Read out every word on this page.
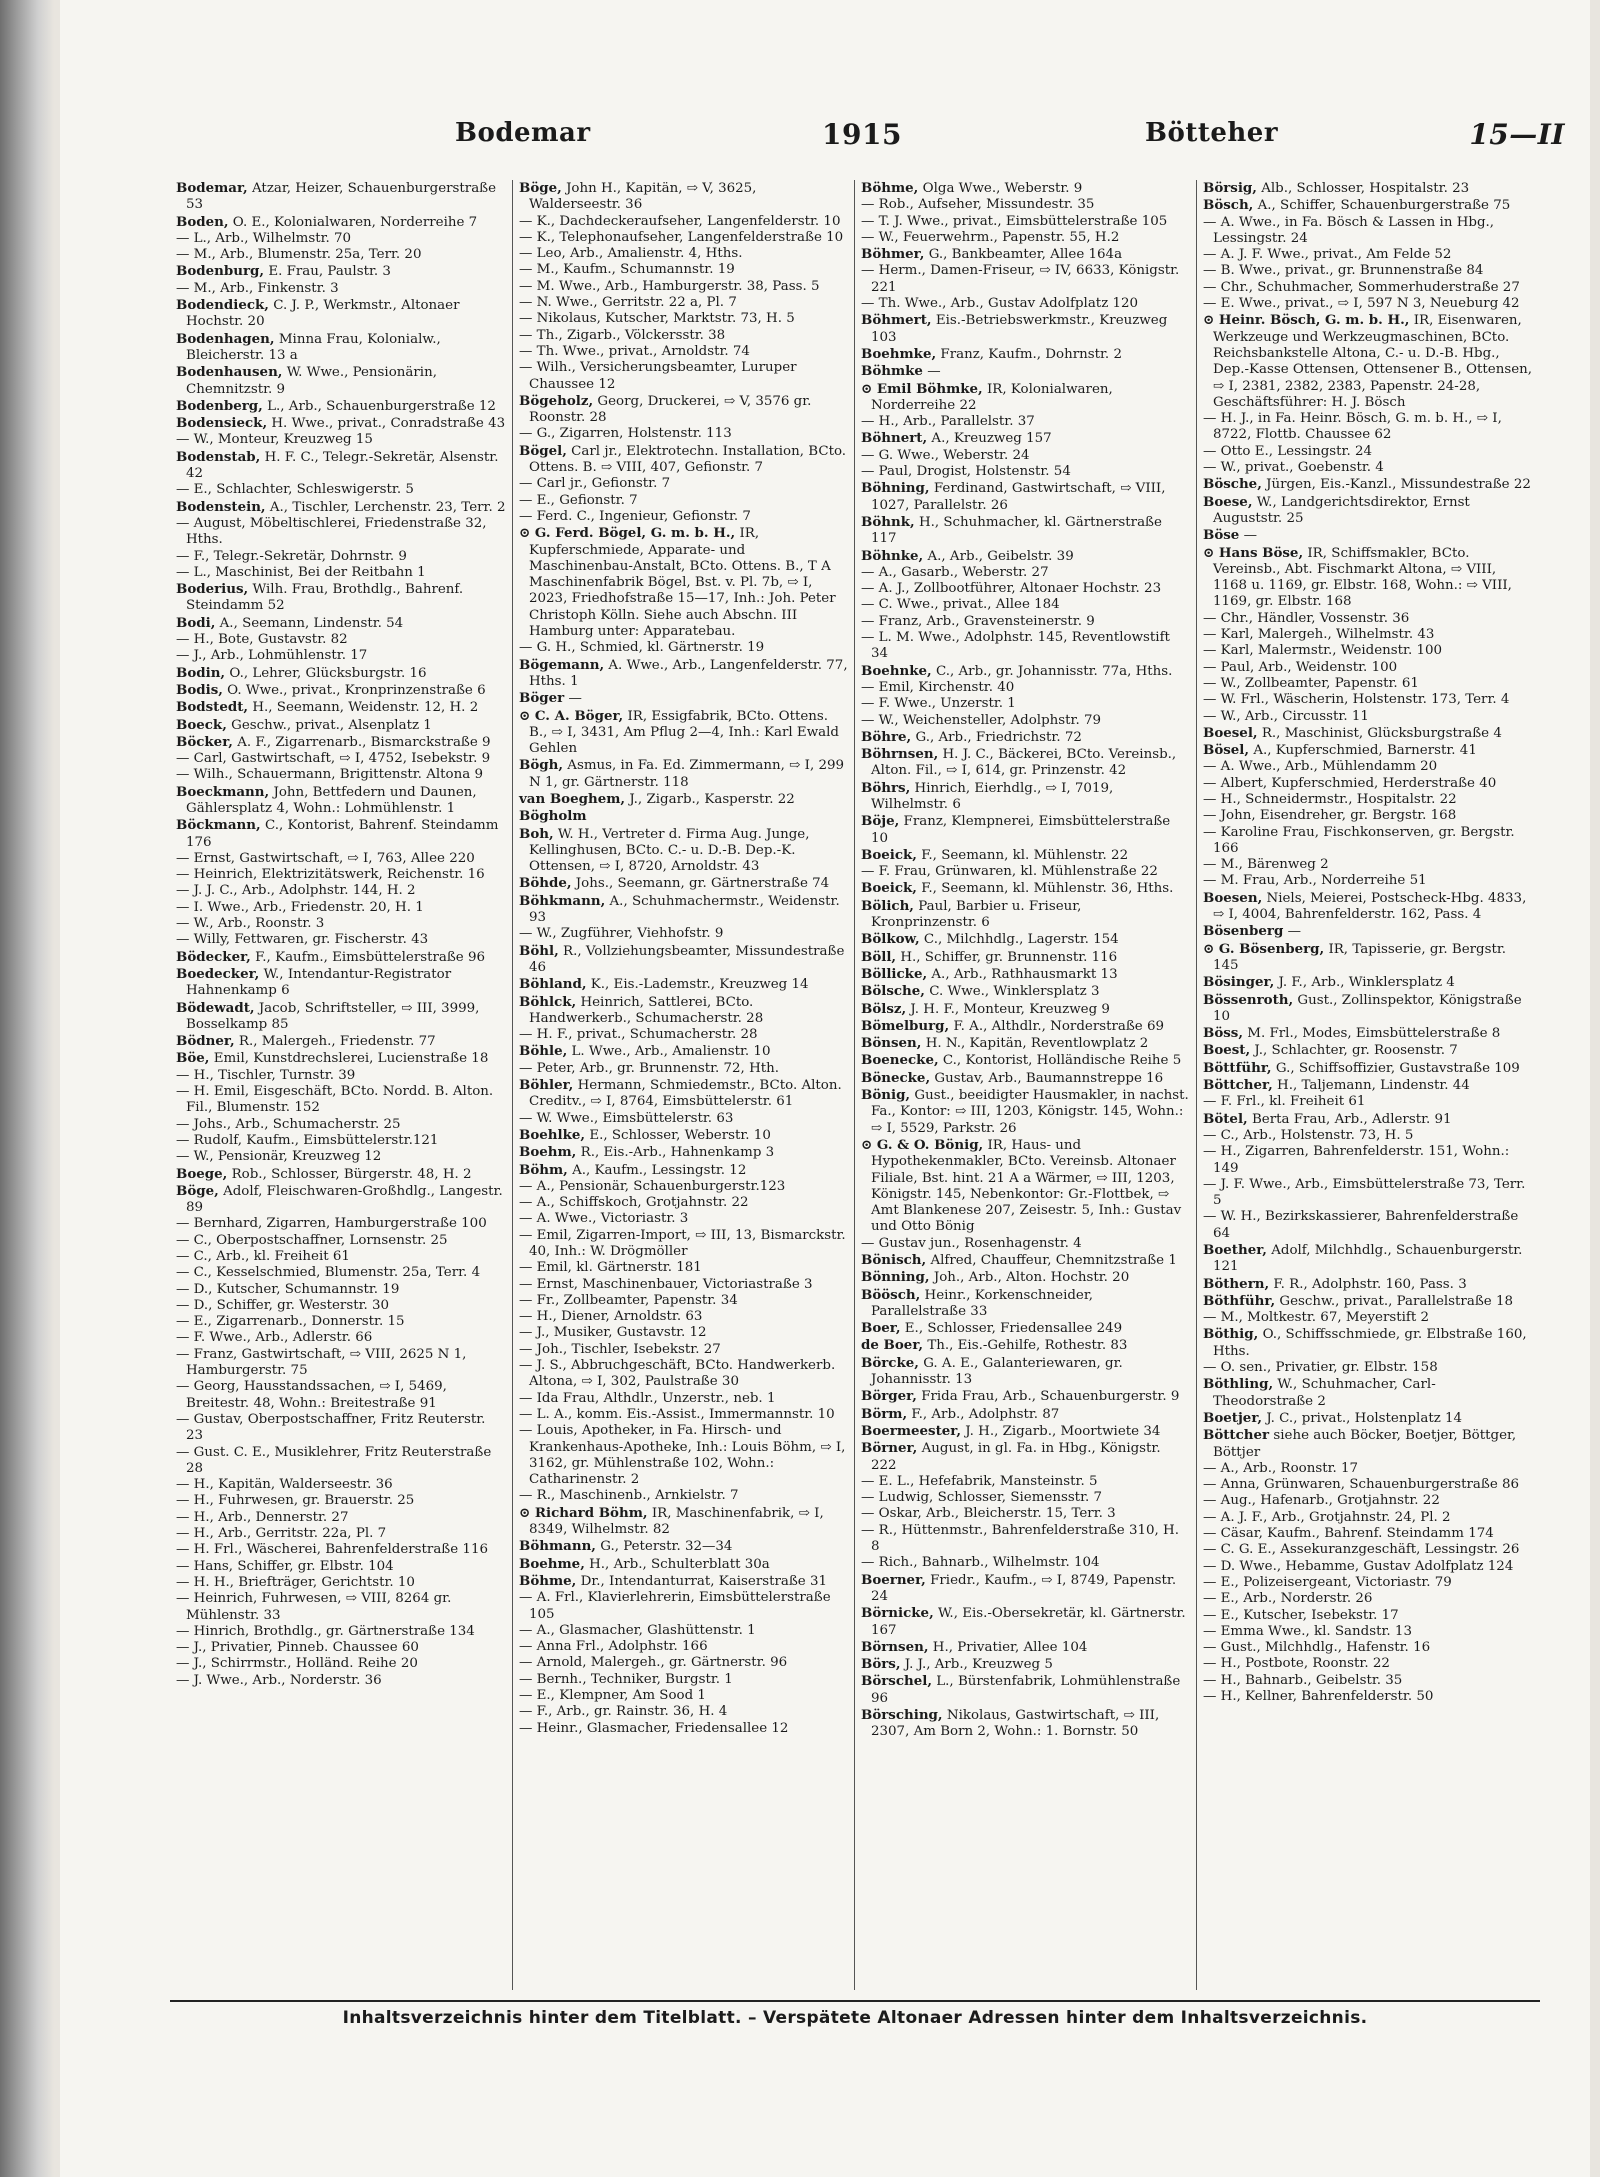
Bodemar	1915	Bötteher	15—II
Bodemar, Atzar, Heizer, Schauenburgerstraße 53
Boden, O. E., Kolonialwaren, Norderreihe 7
— L., Arb., Wilhelmstr. 70
— M., Arb., Blumenstr. 25a, Terr. 20
Bodenburg, E. Frau, Paulstr. 3
— M., Arb., Finkenstr. 3
Bodendieck, C. J. P., Werkmstr., Altonaer Hochstr. 20
Bodenhagen, Minna Frau, Kolonialw., Bleicherstr. 13 a
Bodenhausen, W. Wwe., Pensionärin, Chemnitzstr. 9
Bodenberg, L., Arb., Schauenburgerstraße 12
Bodensieck, H. Wwe., privat., Conradstraße 43
— W., Monteur, Kreuzweg 15
Bodenstab, H. F. C., Telegr.-Sekretär, Alsenstr. 42
— E., Schlachter, Schleswigerstr. 5
Bodenstein, A., Tischler, Lerchenstr. 23, Terr. 2
— August, Möbeltischlerei, Friedenstraße 32, Hths.
— F., Telegr.-Sekretär, Dohrnstr. 9
— L., Maschinist, Bei der Reitbahn 1
Boderius, Wilh. Frau, Brothdlg., Bahrenf. Steindamm 52
Bodi, A., Seemann, Lindenstr. 54
— H., Bote, Gustavstr. 82
— J., Arb., Lohmühlenstr. 17
Bodin, O., Lehrer, Glücksburgstr. 16
Bodis, O. Wwe., privat., Kronprinzenstraße 6
Bodstedt, H., Seemann, Weidenstr. 12, H. 2
Boeck, Geschw., privat., Alsenplatz 1
Böcker, A. F., Zigarrenarb., Bismarckstraße 9
— Carl, Gastwirtschaft, ⇨ I, 4752, Isebekstr. 9
— Wilh., Schauermann, Brigittenstr. Altona 9
Boeckmann, John, Bettfedern und Daunen, Gählersplatz 4, Wohn.: Lohmühlenstr. 1
Böckmann, C., Kontorist, Bahrenf. Steindamm 176
— Ernst, Gastwirtschaft, ⇨ I, 763, Allee 220
— Heinrich, Elektrizitätswerk, Reichenstr. 16
— J. J. C., Arb., Adolphstr. 144, H. 2
— I. Wwe., Arb., Friedenstr. 20, H. 1
— W., Arb., Roonstr. 3
— Willy, Fettwaren, gr. Fischerstr. 43
Bödecker, F., Kaufm., Eimsbüttelerstraße 96
Boedecker, W., Intendantur-Registrator Hahnenkamp 6
Bödewadt, Jacob, Schriftsteller, ⇨ III, 3999, Bosselkamp 85
Bödner, R., Malergeh., Friedenstr. 77
Böe, Emil, Kunstdrechslerei, Lucienstraße 18
— H., Tischler, Turnstr. 39
— H. Emil, Eisgeschäft, BCto. Nordd. B. Alton. Fil., Blumenstr. 152
— Johs., Arb., Schumacherstr. 25
— Rudolf, Kaufm., Eimsbüttelerstr.121
— W., Pensionär, Kreuzweg 12
Boege, Rob., Schlosser, Bürgerstr. 48, H. 2
Böge, Adolf, Fleischwaren-Großhdlg., Langestr. 89
— Bernhard, Zigarren, Hamburgerstraße 100
— C., Oberpostschaffner, Lornsenstr. 25
— C., Arb., kl. Freiheit 61
— C., Kesselschmied, Blumenstr. 25a, Terr. 4
— D., Kutscher, Schumannstr. 19
— D., Schiffer, gr. Westerstr. 30
— E., Zigarrenarb., Donnerstr. 15
— F. Wwe., Arb., Adlerstr. 66
— Franz, Gastwirtschaft, ⇨ VIII, 2625 N 1, Hamburgerstr. 75
— Georg, Hausstandssachen, ⇨ I, 5469, Breitestr. 48, Wohn.: Breitestraße 91
— Gustav, Oberpostschaffner, Fritz Reuterstr. 23
— Gust. C. E., Musiklehrer, Fritz Reuterstraße 28
— H., Kapitän, Walderseestr. 36
— H., Fuhrwesen, gr. Brauerstr. 25
— H., Arb., Dennerstr. 27
— H., Arb., Gerritstr. 22a, Pl. 7
— H. Frl., Wäscherei, Bahrenfelderstraße 116
— Hans, Schiffer, gr. Elbstr. 104
— H. H., Briefträger, Gerichtstr. 10
— Heinrich, Fuhrwesen, ⇨ VIII, 8264 gr. Mühlenstr. 33
— Hinrich, Brothdlg., gr. Gärtnerstraße 134
— J., Privatier, Pinneb. Chaussee 60
— J., Schirrmstr., Holländ. Reihe 20
— J. Wwe., Arb., Norderstr. 36
Böge, John H., Kapitän, ⇨ V, 3625, Walderseestr. 36
— K., Dachdeckeraufseher, Langenfelderstr. 10
— K., Telephonaufseher, Langenfelderstraße 10
— Leo, Arb., Amalienstr. 4, Hths.
— M., Kaufm., Schumannstr. 19
— M. Wwe., Arb., Hamburgerstr. 38, Pass. 5
— N. Wwe., Gerritstr. 22 a, Pl. 7
— Nikolaus, Kutscher, Marktstr. 73, H. 5
— Th., Zigarb., Völckersstr. 38
— Th. Wwe., privat., Arnoldstr. 74
— Wilh., Versicherungsbeamter, Luruper Chaussee 12
Bögeholz, Georg, Druckerei, ⇨ V, 3576 gr. Roonstr. 28
— G., Zigarren, Holstenstr. 113
Bögel, Carl jr., Elektrotechn. Installation, BCto. Ottens. B. ⇨ VIII, 407, Gefionstr. 7
— Carl jr., Gefionstr. 7
— E., Gefionstr. 7
— Ferd. C., Ingenieur, Gefionstr. 7
⊙ G. Ferd. Bögel, G. m. b. H., IR, Kupferschmiede, Apparate- und Maschinenbau-Anstalt, BCto. Ottens. B., T A Maschinenfabrik Bögel, Bst. v. Pl. 7b, ⇨ I, 2023, Friedhofstraße 15—17, Inh.: Joh. Peter Christoph Kölln. Siehe auch Abschn. III Hamburg unter: Apparatebau.
— G. H., Schmied, kl. Gärtnerstr. 19
Bögemann, A. Wwe., Arb., Langenfelderstr. 77, Hths. 1
Böger —
⊙ C. A. Böger, IR, Essigfabrik, BCto. Ottens. B., ⇨ I, 3431, Am Pflug 2—4, Inh.: Karl Ewald Gehlen
Bögh, Asmus, in Fa. Ed. Zimmermann, ⇨ I, 299 N 1, gr. Gärtnerstr. 118
van Boeghem, J., Zigarb., Kasperstr. 22
Bögholm
Boh, W. H., Vertreter d. Firma Aug. Junge, Kellinghusen, BCto. C.- u. D.-B. Dep.-K. Ottensen, ⇨ I, 8720, Arnoldstr. 43
Böhde, Johs., Seemann, gr. Gärtnerstraße 74
Böhkmann, A., Schuhmachermstr., Weidenstr. 93
— W., Zugführer, Viehhofstr. 9
Böhl, R., Vollziehungsbeamter, Missundestraße 46
Böhland, K., Eis.-Lademstr., Kreuzweg 14
Böhlck, Heinrich, Sattlerei, BCto. Handwerkerb., Schumacherstr. 28
— H. F., privat., Schumacherstr. 28
Böhle, L. Wwe., Arb., Amalienstr. 10
— Peter, Arb., gr. Brunnenstr. 72, Hth.
Böhler, Hermann, Schmiedemstr., BCto. Alton. Creditv., ⇨ I, 8764, Eimsbüttelerstr. 61
— W. Wwe., Eimsbüttelerstr. 63
Boehlke, E., Schlosser, Weberstr. 10
Boehm, R., Eis.-Arb., Hahnenkamp 3
Böhm, A., Kaufm., Lessingstr. 12
— A., Pensionär, Schauenburgerstr.123
— A., Schiffskoch, Grotjahnstr. 22
— A. Wwe., Victoriastr. 3
— Emil, Zigarren-Import, ⇨ III, 13, Bismarckstr. 40, Inh.: W. Drögmöller
— Emil, kl. Gärtnerstr. 181
— Ernst, Maschinenbauer, Victoriastraße 3
— Fr., Zollbeamter, Papenstr. 34
— H., Diener, Arnoldstr. 63
— J., Musiker, Gustavstr. 12
— Joh., Tischler, Isebekstr. 27
— J. S., Abbruchgeschäft, BCto. Handwerkerb. Altona, ⇨ I, 302, Paulstraße 30
— Ida Frau, Althdlr., Unzerstr., neb. 1
— L. A., komm. Eis.-Assist., Immermannstr. 10
— Louis, Apotheker, in Fa. Hirsch- und Krankenhaus-Apotheke, Inh.: Louis Böhm, ⇨ I, 3162, gr. Mühlenstraße 102, Wohn.: Catharinenstr. 2
— R., Maschinenb., Arnkielstr. 7
⊙ Richard Böhm, IR, Maschinenfabrik, ⇨ I, 8349, Wilhelmstr. 82
Böhmann, G., Peterstr. 32—34
Boehme, H., Arb., Schulterblatt 30a
Böhme, Dr., Intendanturrat, Kaiserstraße 31
— A. Frl., Klavierlehrerin, Eimsbüttelerstraße 105
— A., Glasmacher, Glashüttenstr. 1
— Anna Frl., Adolphstr. 166
— Arnold, Malergeh., gr. Gärtnerstr. 96
— Bernh., Techniker, Burgstr. 1
— E., Klempner, Am Sood 1
— F., Arb., gr. Rainstr. 36, H. 4
— Heinr., Glasmacher, Friedensallee 12
Böhme, Olga Wwe., Weberstr. 9
— Rob., Aufseher, Missundestr. 35
— T. J. Wwe., privat., Eimsbüttelerstraße 105
— W., Feuerwehrm., Papenstr. 55, H.2
Böhmer, G., Bankbeamter, Allee 164a
— Herm., Damen-Friseur, ⇨ IV, 6633, Königstr. 221
— Th. Wwe., Arb., Gustav Adolfplatz 120
Böhmert, Eis.-Betriebswerkmstr., Kreuzweg 103
Boehmke, Franz, Kaufm., Dohrnstr. 2
Böhmke —
⊙ Emil Böhmke, IR, Kolonialwaren, Norderreihe 22
— H., Arb., Parallelstr. 37
Böhnert, A., Kreuzweg 157
— G. Wwe., Weberstr. 24
— Paul, Drogist, Holstenstr. 54
Böhning, Ferdinand, Gastwirtschaft, ⇨ VIII, 1027, Parallelstr. 26
Böhnk, H., Schuhmacher, kl. Gärtnerstraße 117
Böhnke, A., Arb., Geibelstr. 39
— A., Gasarb., Weberstr. 27
— A. J., Zollbootführer, Altonaer Hochstr. 23
— C. Wwe., privat., Allee 184
— Franz, Arb., Gravensteinerstr. 9
— L. M. Wwe., Adolphstr. 145, Reventlowstift 34
Boehnke, C., Arb., gr. Johannisstr. 77a, Hths.
— Emil, Kirchenstr. 40
— F. Wwe., Unzerstr. 1
— W., Weichensteller, Adolphstr. 79
Böhre, G., Arb., Friedrichstr. 72
Böhrnsen, H. J. C., Bäckerei, BCto. Vereinsb., Alton. Fil., ⇨ I, 614, gr. Prinzenstr. 42
Böhrs, Hinrich, Eierhdlg., ⇨ I, 7019, Wilhelmstr. 6
Böje, Franz, Klempnerei, Eimsbüttelerstraße 10
Boeick, F., Seemann, kl. Mühlenstr. 22
— F. Frau, Grünwaren, kl. Mühlenstraße 22
Boeick, F., Seemann, kl. Mühlenstr. 36, Hths.
Bölich, Paul, Barbier u. Friseur, Kronprinzenstr. 6
Bölkow, C., Milchhdlg., Lagerstr. 154
Böll, H., Schiffer, gr. Brunnenstr. 116
Böllicke, A., Arb., Rathhausmarkt 13
Bölsche, C. Wwe., Winklersplatz 3
Bölsz, J. H. F., Monteur, Kreuzweg 9
Bömelburg, F. A., Althdlr., Norderstraße 69
Bönsen, H. N., Kapitän, Reventlowplatz 2
Boenecke, C., Kontorist, Holländische Reihe 5
Bönecke, Gustav, Arb., Baumannstreppe 16
Bönig, Gust., beeidigter Hausmakler, in nachst. Fa., Kontor: ⇨ III, 1203, Königstr. 145, Wohn.: ⇨ I, 5529, Parkstr. 26
⊙ G. & O. Bönig, IR, Haus- und Hypothekenmakler, BCto. Vereinsb. Altonaer Filiale, Bst. hint. 21 A a Wärmer, ⇨ III, 1203, Königstr. 145, Nebenkontor: Gr.-Flottbek, ⇨ Amt Blankenese 207, Zeisestr. 5, Inh.: Gustav und Otto Bönig
— Gustav jun., Rosenhagenstr. 4
Bönisch, Alfred, Chauffeur, Chemnitzstraße 1
Bönning, Joh., Arb., Alton. Hochstr. 20
Böösch, Heinr., Korkenschneider, Parallelstraße 33
Boer, E., Schlosser, Friedensallee 249
de Boer, Th., Eis.-Gehilfe, Rothestr. 83
Börcke, G. A. E., Galanteriewaren, gr. Johannisstr. 13
Börger, Frida Frau, Arb., Schauenburgerstr. 9
Börm, F., Arb., Adolphstr. 87
Boermeester, J. H., Zigarb., Moortwiete 34
Börner, August, in gl. Fa. in Hbg., Königstr. 222
— E. L., Hefefabrik, Mansteinstr. 5
— Ludwig, Schlosser, Siemensstr. 7
— Oskar, Arb., Bleicherstr. 15, Terr. 3
— R., Hüttenmstr., Bahrenfelderstraße 310, H. 8
— Rich., Bahnarb., Wilhelmstr. 104
Boerner, Friedr., Kaufm., ⇨ I, 8749, Papenstr. 24
Börnicke, W., Eis.-Obersekretär, kl. Gärtnerstr. 167
Börnsen, H., Privatier, Allee 104
Börs, J. J., Arb., Kreuzweg 5
Börschel, L., Bürstenfabrik, Lohmühlenstraße 96
Börsching, Nikolaus, Gastwirtschaft, ⇨ III, 2307, Am Born 2, Wohn.: 1. Bornstr. 50
Börsig, Alb., Schlosser, Hospitalstr. 23
Bösch, A., Schiffer, Schauenburgerstraße 75
— A. Wwe., in Fa. Bösch & Lassen in Hbg., Lessingstr. 24
— A. J. F. Wwe., privat., Am Felde 52
— B. Wwe., privat., gr. Brunnenstraße 84
— Chr., Schuhmacher, Sommerhuderstraße 27
— E. Wwe., privat., ⇨ I, 597 N 3, Neueburg 42
⊙ Heinr. Bösch, G. m. b. H., IR, Eisenwaren, Werkzeuge und Werkzeugmaschinen, BCto. Reichsbankstelle Altona, C.- u. D.-B. Hbg., Dep.-Kasse Ottensen, Ottensener B., Ottensen, ⇨ I, 2381, 2382, 2383, Papenstr. 24-28, Geschäftsführer: H. J. Bösch
— H. J., in Fa. Heinr. Bösch, G. m. b. H., ⇨ I, 8722, Flottb. Chaussee 62
— Otto E., Lessingstr. 24
— W., privat., Goebenstr. 4
Bösche, Jürgen, Eis.-Kanzl., Missundestraße 22
Boese, W., Landgerichtsdirektor, Ernst Auguststr. 25
Böse —
⊙ Hans Böse, IR, Schiffsmakler, BCto. Vereinsb., Abt. Fischmarkt Altona, ⇨ VIII, 1168 u. 1169, gr. Elbstr. 168, Wohn.: ⇨ VIII, 1169, gr. Elbstr. 168
— Chr., Händler, Vossenstr. 36
— Karl, Malergeh., Wilhelmstr. 43
— Karl, Malermstr., Weidenstr. 100
— Paul, Arb., Weidenstr. 100
— W., Zollbeamter, Papenstr. 61
— W. Frl., Wäscherin, Holstenstr. 173, Terr. 4
— W., Arb., Circusstr. 11
Boesel, R., Maschinist, Glücksburgstraße 4
Bösel, A., Kupferschmied, Barnerstr. 41
— A. Wwe., Arb., Mühlendamm 20
— Albert, Kupferschmied, Herderstraße 40
— H., Schneidermstr., Hospitalstr. 22
— John, Eisendreher, gr. Bergstr. 168
— Karoline Frau, Fischkonserven, gr. Bergstr. 166
— M., Bärenweg 2
— M. Frau, Arb., Norderreihe 51
Boesen, Niels, Meierei, Postscheck-Hbg. 4833, ⇨ I, 4004, Bahrenfelderstr. 162, Pass. 4
Bösenberg —
⊙ G. Bösenberg, IR, Tapisserie, gr. Bergstr. 145
Bösinger, J. F., Arb., Winklersplatz 4
Bössenroth, Gust., Zollinspektor, Königstraße 10
Böss, M. Frl., Modes, Eimsbüttelerstraße 8
Boest, J., Schlachter, gr. Roosenstr. 7
Böttführ, G., Schiffsoffizier, Gustavstraße 109
Böttcher, H., Taljemann, Lindenstr. 44
— F. Frl., kl. Freiheit 61
Bötel, Berta Frau, Arb., Adlerstr. 91
— C., Arb., Holstenstr. 73, H. 5
— H., Zigarren, Bahrenfelderstr. 151, Wohn.: 149
— J. F. Wwe., Arb., Eimsbüttelerstraße 73, Terr. 5
— W. H., Bezirkskassierer, Bahrenfelderstraße 64
Boether, Adolf, Milchhdlg., Schauenburgerstr. 121
Böthern, F. R., Adolphstr. 160, Pass. 3
Böthführ, Geschw., privat., Parallelstraße 18
— M., Moltkestr. 67, Meyerstift 2
Böthig, O., Schiffsschmiede, gr. Elbstraße 160, Hths.
— O. sen., Privatier, gr. Elbstr. 158
Böthling, W., Schuhmacher, Carl-Theodorstraße 2
Boetjer, J. C., privat., Holstenplatz 14
Böttcher siehe auch Böcker, Boetjer, Böttger, Böttjer
— A., Arb., Roonstr. 17
— Anna, Grünwaren, Schauenburgerstraße 86
— Aug., Hafenarb., Grotjahnstr. 22
— A. J. F., Arb., Grotjahnstr. 24, Pl. 2
— Cäsar, Kaufm., Bahrenf. Steindamm 174
— C. G. E., Assekuranzgeschäft, Lessingstr. 26
— D. Wwe., Hebamme, Gustav Adolfplatz 124
— E., Polizeisergeant, Victoriastr. 79
— E., Arb., Norderstr. 26
— E., Kutscher, Isebekstr. 17
— Emma Wwe., kl. Sandstr. 13
— Gust., Milchhdlg., Hafenstr. 16
— H., Postbote, Roonstr. 22
— H., Bahnarb., Geibelstr. 35
— H., Kellner, Bahrenfelderstr. 50
Inhaltsverzeichnis hinter dem Titelblatt. – Verspätete Altonaer Adressen hinter dem Inhaltsverzeichnis.
